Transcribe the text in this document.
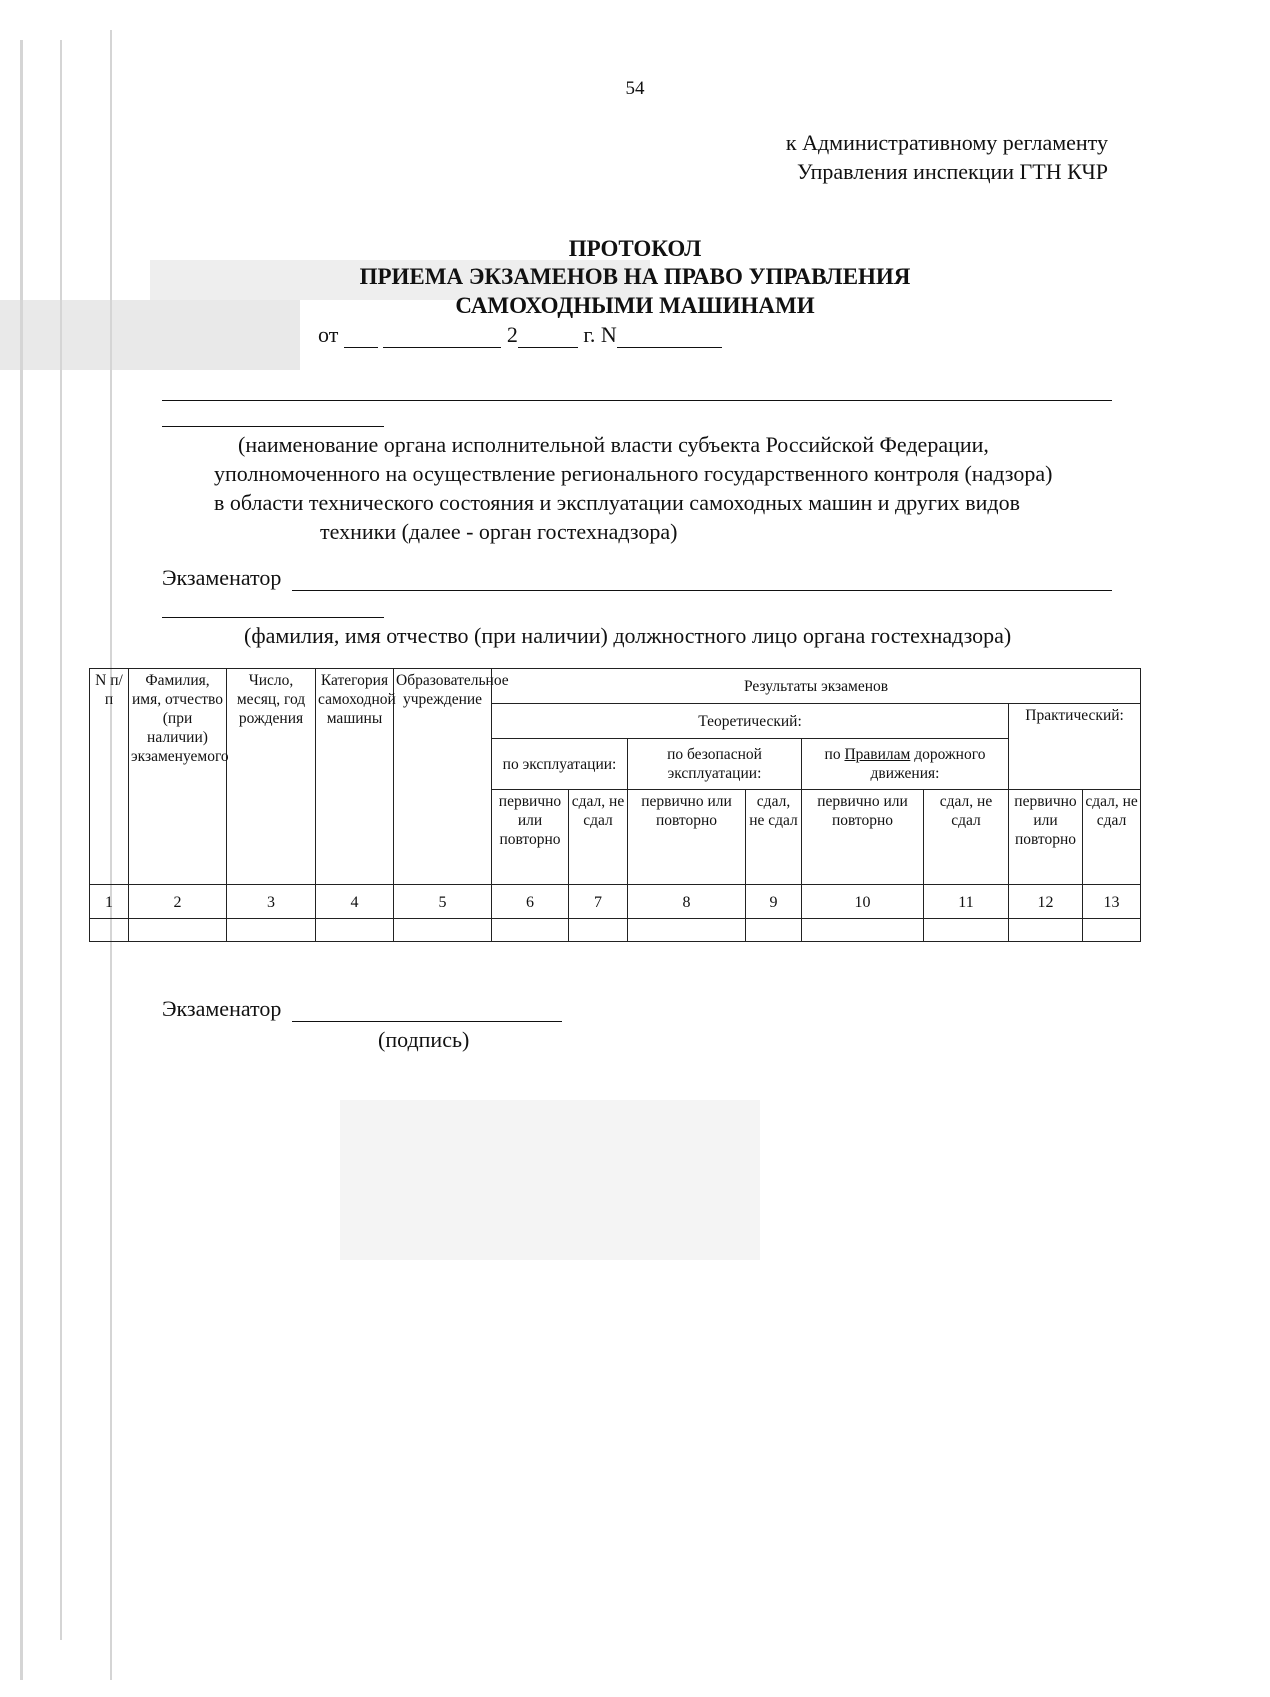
54
к Административному регламенту
Управления инспекции ГТН КЧР
ПРОТОКОЛ
ПРИЕМА ЭКЗАМЕНОВ НА ПРАВО УПРАВЛЕНИЯ
САМОХОДНЫМИ МАШИНАМИ
от	2	г. N
(наименование органа исполнительной власти субъекта Российской Федерации,
уполномоченного на осуществление регионального государственного контроля (надзора)
в области технического состояния и эксплуатации самоходных машин и других видов
техники (далее - орган гостехнадзора)
Экзаменатор
(фамилия, имя отчество (при наличии) должностного лицо органа гостехнадзора)
N п/п	Фамилия, имя, отчество (при наличии) экзаменуемого	Число, месяц, год рождения	Категория самоходной машины	Образовательное учреждение	Результаты экзаменов							
					Теоретический:						Практический:	
					по эксплуатации:		по безопасной эксплуатации:		по Правилам дорожного движения:			
					первично или повторно	сдал, не сдал	первично или повторно	сдал, не сдал	первично или повторно	сдал, не сдал	первично или повторно	сдал, не сдал
1	2	3	4	5	6	7	8	9	10	11	12	13

Экзаменатор
(подпись)
